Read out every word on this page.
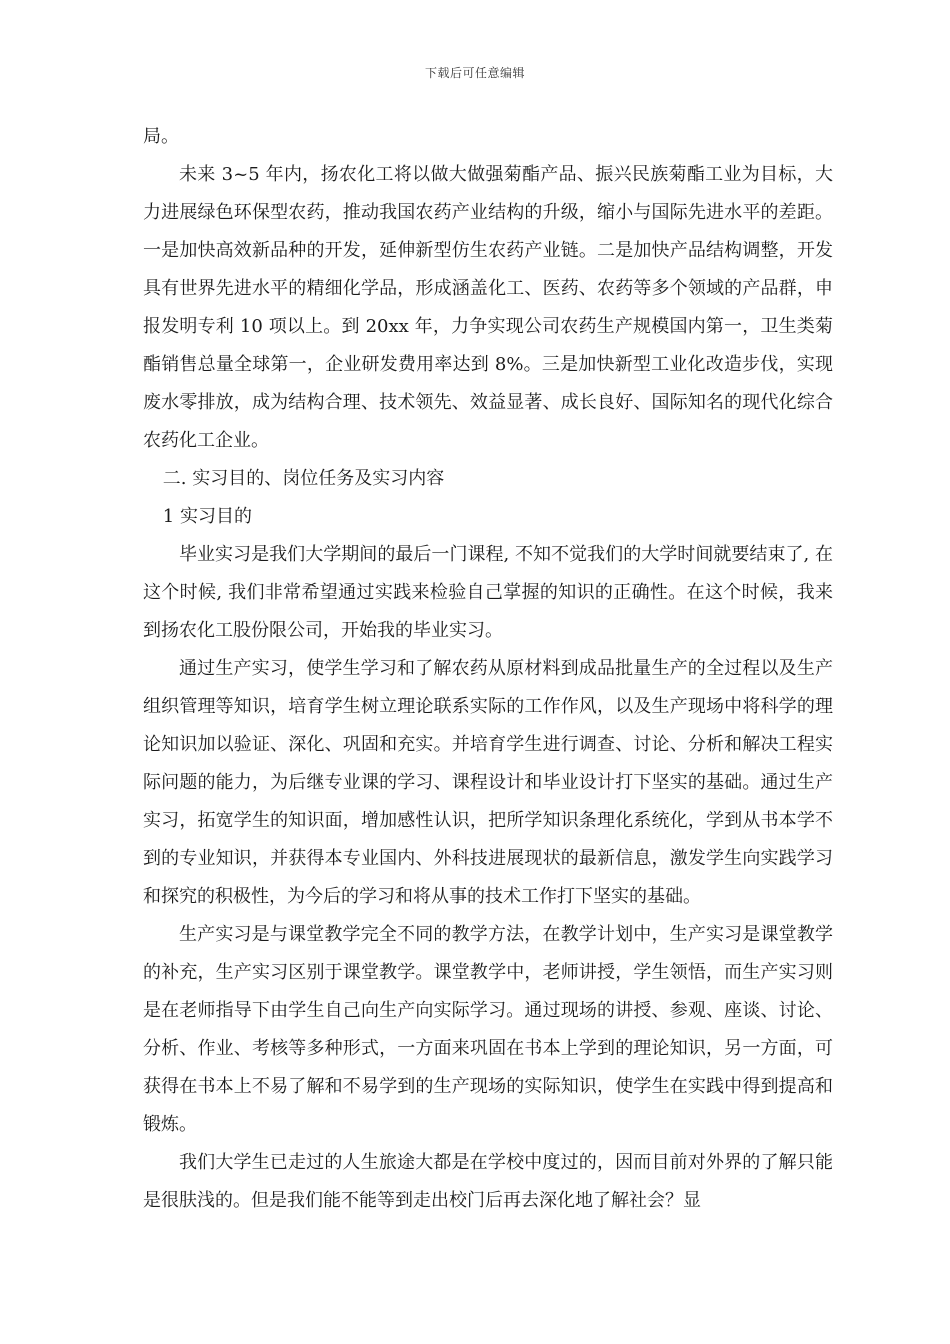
下载后可任意编辑

局。

未来 3~5 年内，扬农化工将以做大做强菊酯产品、振兴民族菊酯工业为目标，大力进展绿色环保型农药，推动我国农药产业结构的升级，缩小与国际先进水平的差距。一是加快高效新品种的开发，延伸新型仿生农药产业链。二是加快产品结构调整，开发具有世界先进水平的精细化学品，形成涵盖化工、医药、农药等多个领域的产品群，申报发明专利 10 项以上。到 20xx 年，力争实现公司农药生产规模国内第一，卫生类菊酯销售总量全球第一，企业研发费用率达到 8%。三是加快新型工业化改造步伐，实现废水零排放，成为结构合理、技术领先、效益显著、成长良好、国际知名的现代化综合农药化工企业。

二. 实习目的、岗位任务及实习内容

1 实习目的

毕业实习是我们大学期间的最后一门课程, 不知不觉我们的大学时间就要结束了, 在这个时候, 我们非常希望通过实践来检验自己掌握的知识的正确性。在这个时候，我来到扬农化工股份限公司，开始我的毕业实习。

通过生产实习，使学生学习和了解农药从原材料到成品批量生产的全过程以及生产组织管理等知识，培育学生树立理论联系实际的工作作风，以及生产现场中将科学的理论知识加以验证、深化、巩固和充实。并培育学生进行调查、讨论、分析和解决工程实际问题的能力，为后继专业课的学习、课程设计和毕业设计打下坚实的基础。通过生产实习，拓宽学生的知识面，增加感性认识，把所学知识条理化系统化，学到从书本学不到的专业知识，并获得本专业国内、外科技进展现状的最新信息，激发学生向实践学习和探究的积极性，为今后的学习和将从事的技术工作打下坚实的基础。

生产实习是与课堂教学完全不同的教学方法，在教学计划中，生产实习是课堂教学的补充，生产实习区别于课堂教学。课堂教学中，老师讲授，学生领悟，而生产实习则是在老师指导下由学生自己向生产向实际学习。通过现场的讲授、参观、座谈、讨论、分析、作业、考核等多种形式，一方面来巩固在书本上学到的理论知识，另一方面，可获得在书本上不易了解和不易学到的生产现场的实际知识，使学生在实践中得到提高和锻炼。

我们大学生已走过的人生旅途大都是在学校中度过的，因而目前对外界的了解只能是很肤浅的。但是我们能不能等到走出校门后再去深化地了解社会？显
